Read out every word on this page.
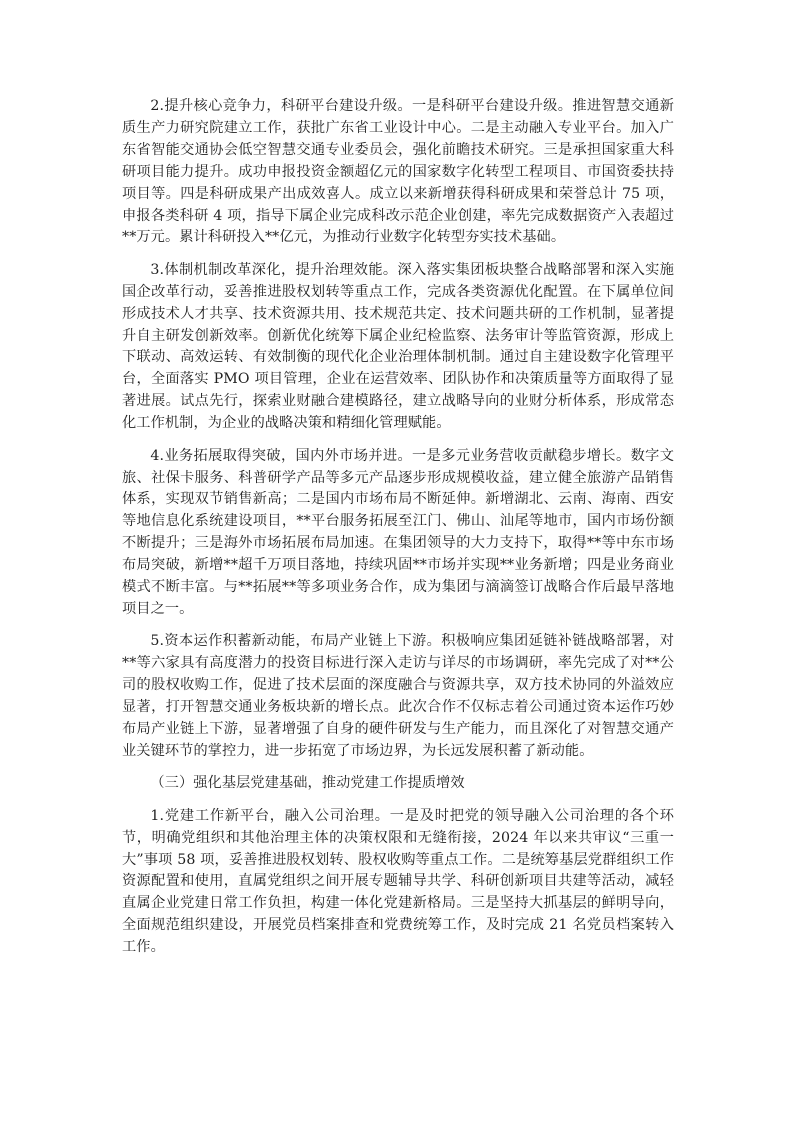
2.提升核心竞争力，科研平台建设升级。一是科研平台建设升级。推进智慧交通新质生产力研究院建立工作，获批广东省工业设计中心。二是主动融入专业平台。加入广东省智能交通协会低空智慧交通专业委员会，强化前瞻技术研究。三是承担国家重大科研项目能力提升。成功申报投资金额超亿元的国家数字化转型工程项目、市国资委扶持项目等。四是科研成果产出成效喜人。成立以来新增获得科研成果和荣誉总计 75 项，申报各类科研 4 项，指导下属企业完成科改示范企业创建，率先完成数据资产入表超过**万元。累计科研投入**亿元，为推动行业数字化转型夯实技术基础。

3.体制机制改革深化，提升治理效能。深入落实集团板块整合战略部署和深入实施国企改革行动，妥善推进股权划转等重点工作，完成各类资源优化配置。在下属单位间形成技术人才共享、技术资源共用、技术规范共定、技术问题共研的工作机制，显著提升自主研发创新效率。创新优化统筹下属企业纪检监察、法务审计等监管资源，形成上下联动、高效运转、有效制衡的现代化企业治理体制机制。通过自主建设数字化管理平台，全面落实 PMO 项目管理，企业在运营效率、团队协作和决策质量等方面取得了显著进展。试点先行，探索业财融合建模路径，建立战略导向的业财分析体系，形成常态化工作机制，为企业的战略决策和精细化管理赋能。

4.业务拓展取得突破，国内外市场并进。一是多元业务营收贡献稳步增长。数字文旅、社保卡服务、科普研学产品等多元产品逐步形成规模收益，建立健全旅游产品销售体系，实现双节销售新高；二是国内市场布局不断延伸。新增湖北、云南、海南、西安等地信息化系统建设项目，**平台服务拓展至江门、佛山、汕尾等地市，国内市场份额不断提升；三是海外市场拓展布局加速。在集团领导的大力支持下，取得**等中东市场布局突破，新增**超千万项目落地，持续巩固**市场并实现**业务新增；四是业务商业模式不断丰富。与**拓展**等多项业务合作，成为集团与滴滴签订战略合作后最早落地项目之一。

5.资本运作积蓄新动能，布局产业链上下游。积极响应集团延链补链战略部署，对**等六家具有高度潜力的投资目标进行深入走访与详尽的市场调研，率先完成了对**公司的股权收购工作，促进了技术层面的深度融合与资源共享，双方技术协同的外溢效应显著，打开智慧交通业务板块新的增长点。此次合作不仅标志着公司通过资本运作巧妙布局产业链上下游，显著增强了自身的硬件研发与生产能力，而且深化了对智慧交通产业关键环节的掌控力，进一步拓宽了市场边界，为长远发展积蓄了新动能。

（三）强化基层党建基础，推动党建工作提质增效

1.党建工作新平台，融入公司治理。一是及时把党的领导融入公司治理的各个环节，明确党组织和其他治理主体的决策权限和无缝衔接，2024 年以来共审议“三重一大”事项 58 项，妥善推进股权划转、股权收购等重点工作。二是统筹基层党群组织工作资源配置和使用，直属党组织之间开展专题辅导共学、科研创新项目共建等活动，减轻直属企业党建日常工作负担，构建一体化党建新格局。三是坚持大抓基层的鲜明导向，全面规范组织建设，开展党员档案排查和党费统筹工作，及时完成 21 名党员档案转入工作。
